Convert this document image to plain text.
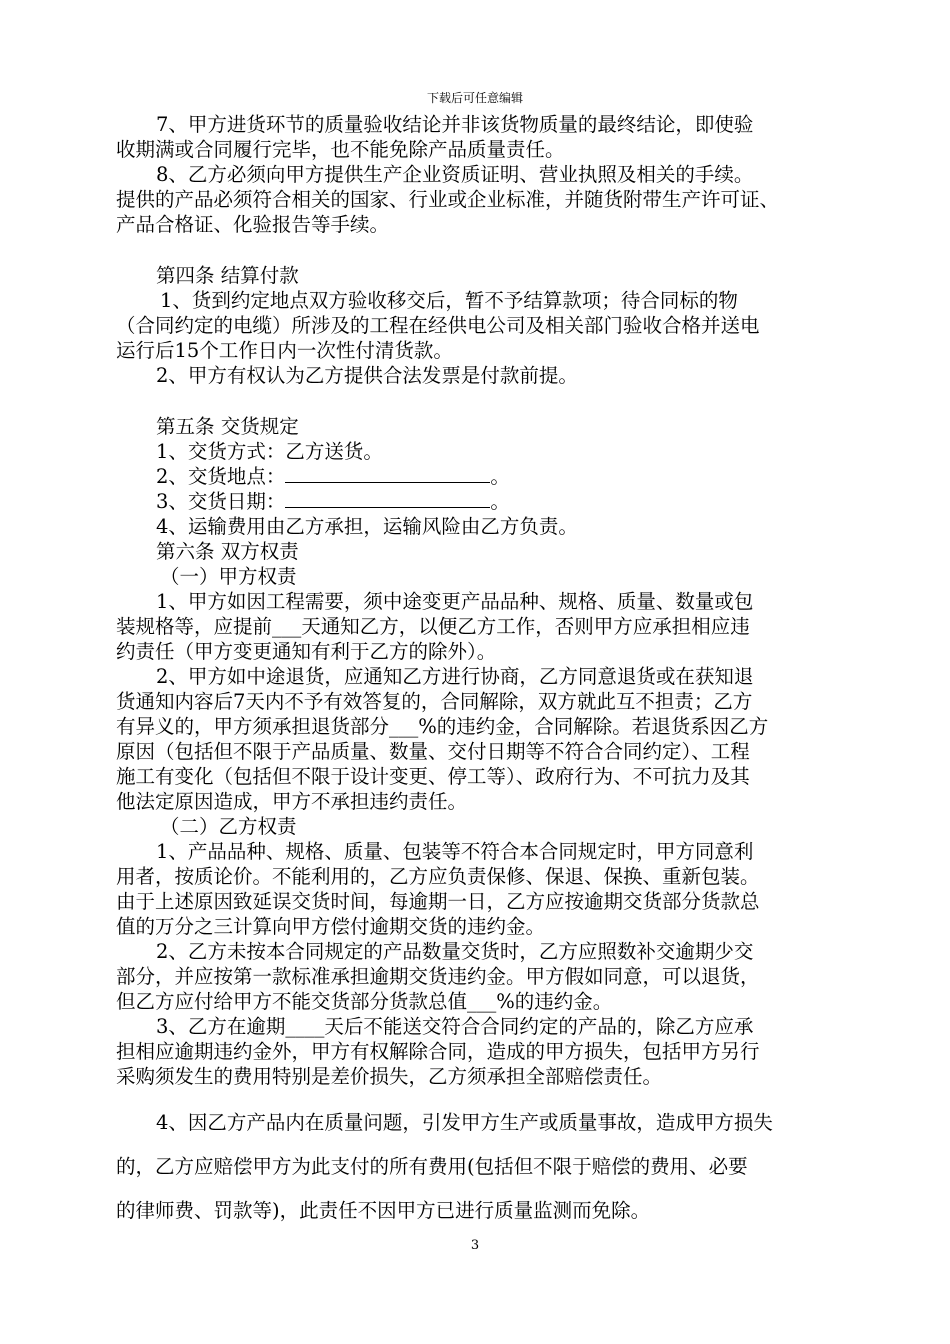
下载后可任意编辑

7、甲方进货环节的质量验收结论并非该货物质量的最终结论，即使验

收期满或合同履行完毕，也不能免除产品质量责任。

8、乙方必须向甲方提供生产企业资质证明、营业执照及相关的手续。

提供的产品必须符合相关的国家、行业或企业标准，并随货附带生产许可证、
产品合格证、化验报告等手续。

第四条 结算付款

1、货到约定地点双方验收移交后，暂不予结算款项；待合同标的物

（合同约定的电缆）所涉及的工程在经供电公司及相关部门验收合格并送电
运行后15个工作日内一次性付清货款。

2、甲方有权认为乙方提供合法发票是付款前提。

第五条 交货规定

1、交货方式：乙方送货。

2、交货地点：	。

3、交货日期：	。

4、运输费用由乙方承担，运输风险由乙方负责。

第六条 双方权责

（一）甲方权责

1、甲方如因工程需要，须中途变更产品品种、规格、质量、数量或包

装规格等，应提前___天通知乙方，以便乙方工作，否则甲方应承担相应违
约责任（甲方变更通知有利于乙方的除外）。

2、甲方如中途退货，应通知乙方进行协商，乙方同意退货或在获知退

货通知内容后7天内不予有效答复的，合同解除，双方就此互不担责；乙方
有异义的，甲方须承担退货部分___%的违约金，合同解除。若退货系因乙方
原因（包括但不限于产品质量、数量、交付日期等不符合合同约定）、工程
施工有变化（包括但不限于设计变更、停工等）、政府行为、不可抗力及其
他法定原因造成，甲方不承担违约责任。

（二）乙方权责

1、产品品种、规格、质量、包装等不符合本合同规定时，甲方同意利

用者，按质论价。不能利用的，乙方应负责保修、保退、保换、重新包装。
由于上述原因致延误交货时间，每逾期一日，乙方应按逾期交货部分货款总
值的万分之三计算向甲方偿付逾期交货的违约金。

2、乙方未按本合同规定的产品数量交货时，乙方应照数补交逾期少交

部分，并应按第一款标准承担逾期交货违约金。甲方假如同意，可以退货，
但乙方应付给甲方不能交货部分货款总值___%的违约金。

3、乙方在逾期____天后不能送交符合合同约定的产品的，除乙方应承

担相应逾期违约金外，甲方有权解除合同，造成的甲方损失，包括甲方另行
采购须发生的费用特别是差价损失，乙方须承担全部赔偿责任。

4、因乙方产品内在质量问题，引发甲方生产或质量事故，造成甲方损失

的，乙方应赔偿甲方为此支付的所有费用(包括但不限于赔偿的费用、必要

的律师费、罚款等)，此责任不因甲方已进行质量监测而免除。

3
